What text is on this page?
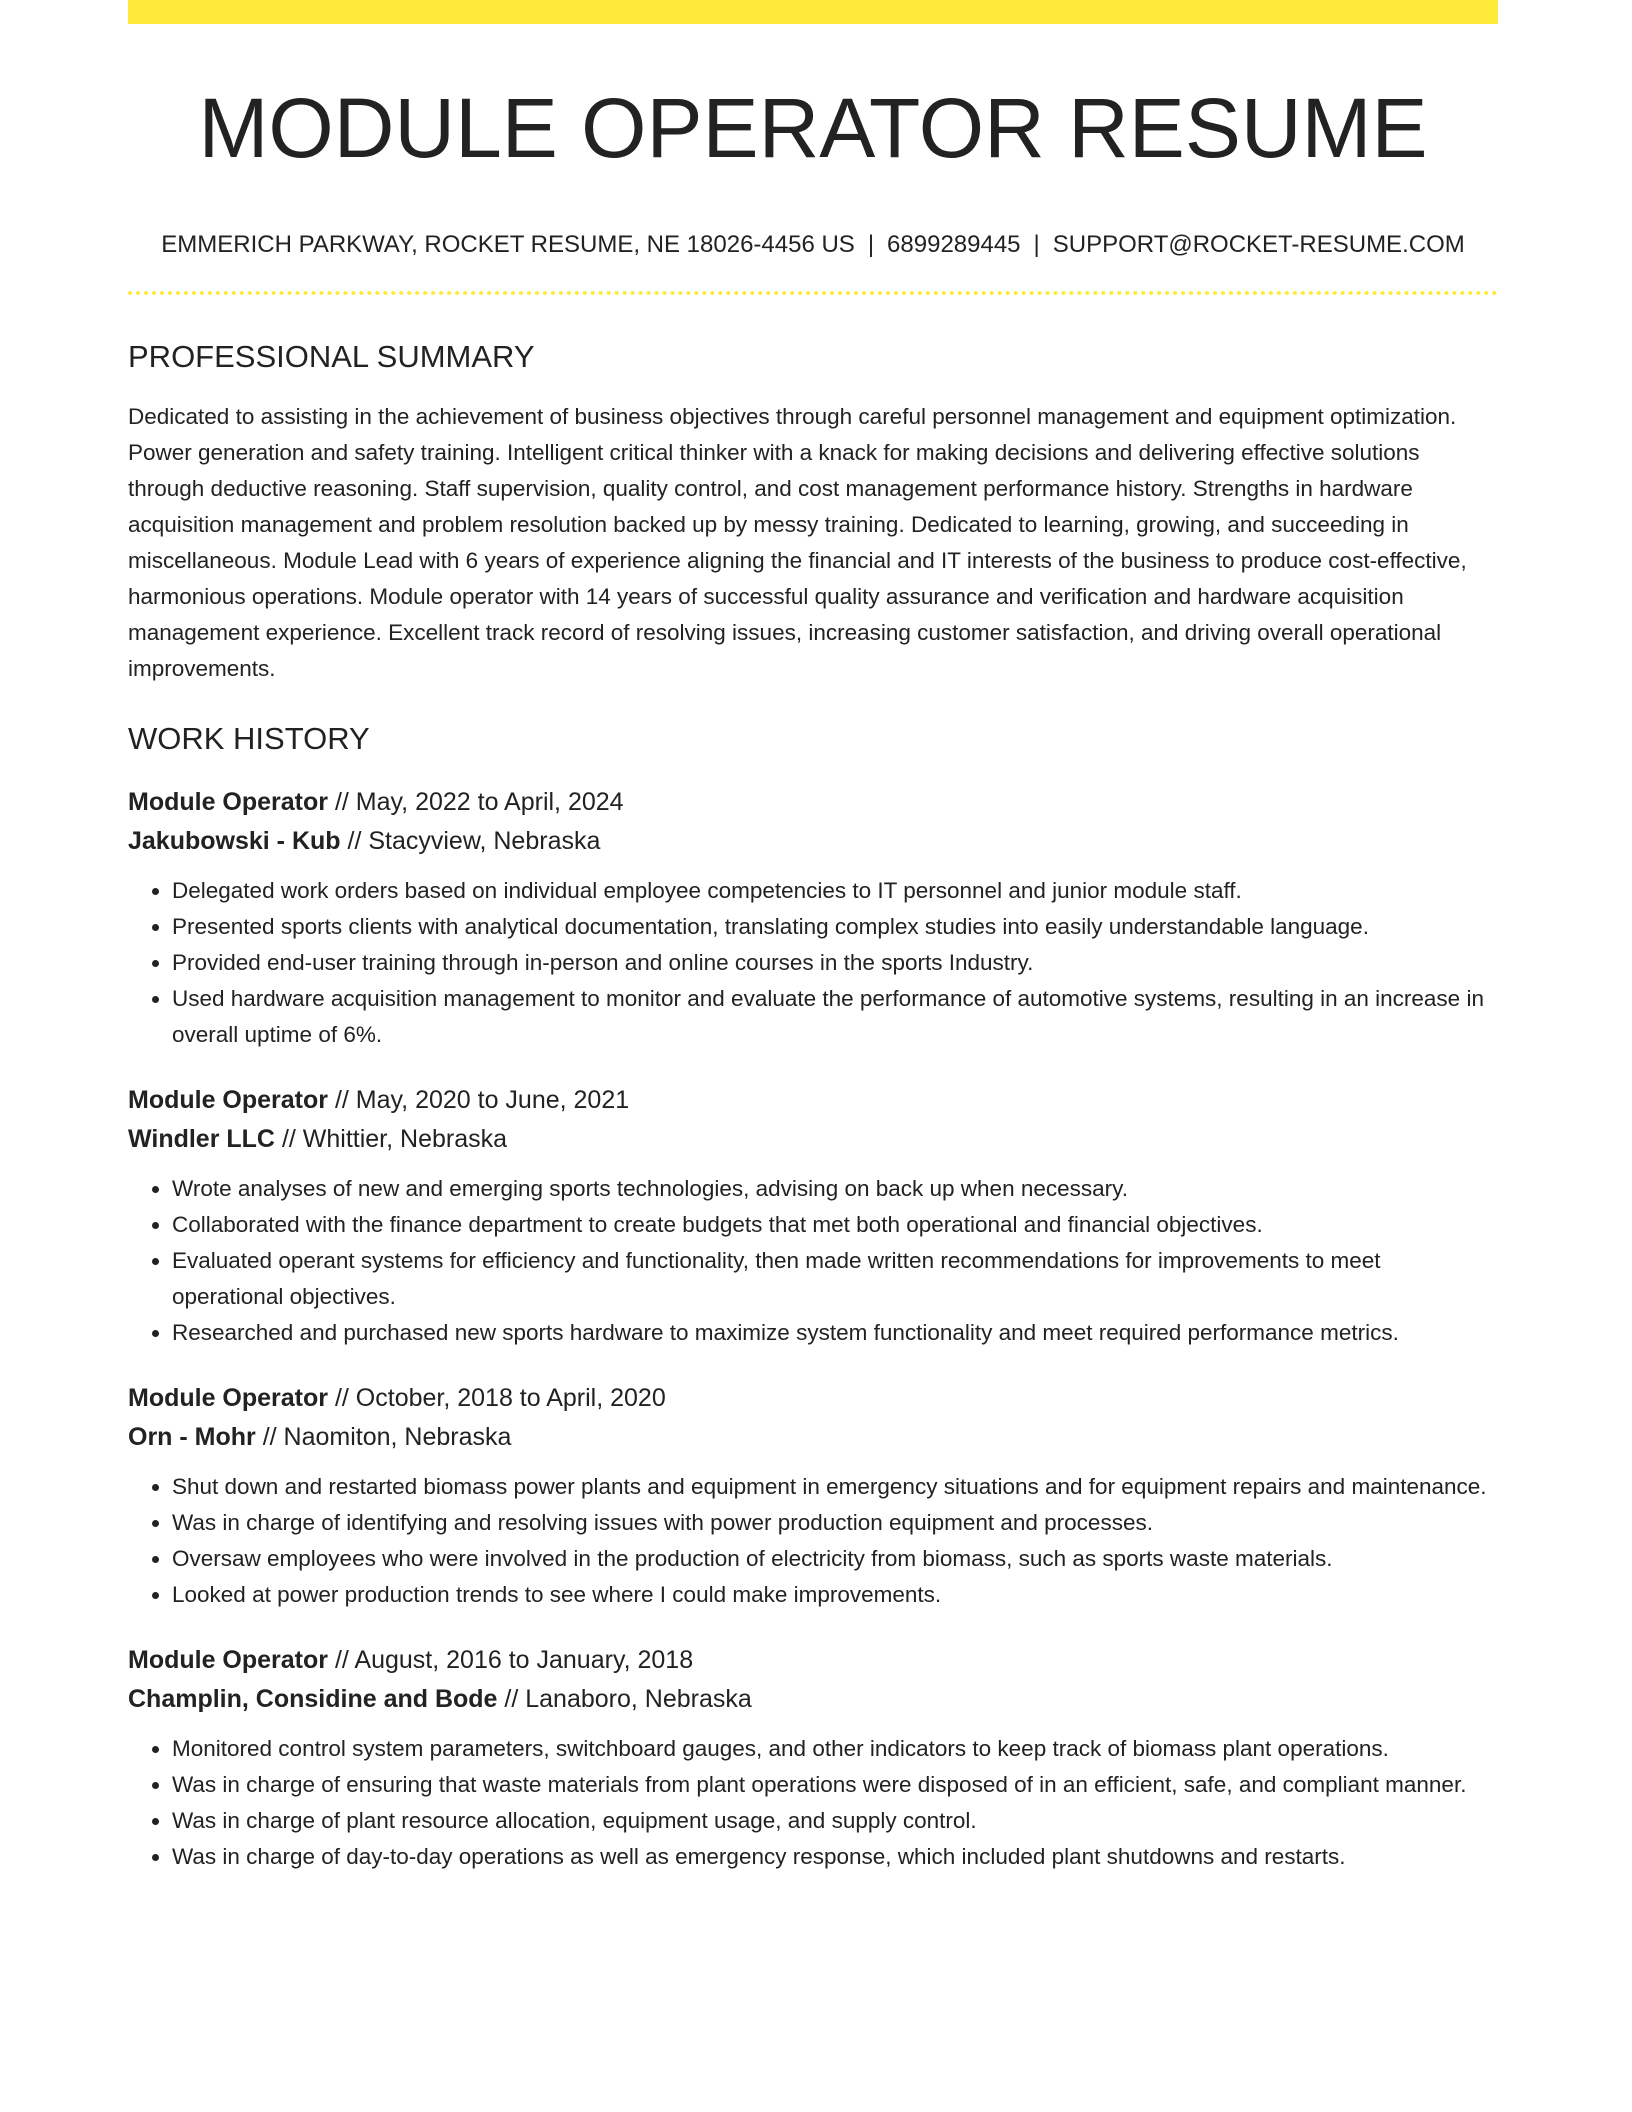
MODULE OPERATOR RESUME
EMMERICH PARKWAY, ROCKET RESUME, NE 18026-4456 US | 6899289445 | SUPPORT@ROCKET-RESUME.COM
PROFESSIONAL SUMMARY

Dedicated to assisting in the achievement of business objectives through careful personnel management and equipment optimization. Power generation and safety training. Intelligent critical thinker with a knack for making decisions and delivering effective solutions through deductive reasoning. Staff supervision, quality control, and cost management performance history. Strengths in hardware acquisition management and problem resolution backed up by messy training. Dedicated to learning, growing, and succeeding in miscellaneous. Module Lead with 6 years of experience aligning the financial and IT interests of the business to produce cost-effective, harmonious operations. Module operator with 14 years of successful quality assurance and verification and hardware acquisition management experience. Excellent track record of resolving issues, increasing customer satisfaction, and driving overall operational improvements.

WORK HISTORY
Module Operator // May, 2022 to April, 2024
Jakubowski - Kub // Stacyview, Nebraska
• Delegated work orders based on individual employee competencies to IT personnel and junior module staff.
• Presented sports clients with analytical documentation, translating complex studies into easily understandable language.
• Provided end-user training through in-person and online courses in the sports Industry.
• Used hardware acquisition management to monitor and evaluate the performance of automotive systems, resulting in an increase in overall uptime of 6%.
Module Operator // May, 2020 to June, 2021
Windler LLC // Whittier, Nebraska
• Wrote analyses of new and emerging sports technologies, advising on back up when necessary.
• Collaborated with the finance department to create budgets that met both operational and financial objectives.
• Evaluated operant systems for efficiency and functionality, then made written recommendations for improvements to meet operational objectives.
• Researched and purchased new sports hardware to maximize system functionality and meet required performance metrics.
Module Operator // October, 2018 to April, 2020
Orn - Mohr // Naomiton, Nebraska
• Shut down and restarted biomass power plants and equipment in emergency situations and for equipment repairs and maintenance.
• Was in charge of identifying and resolving issues with power production equipment and processes.
• Oversaw employees who were involved in the production of electricity from biomass, such as sports waste materials.
• Looked at power production trends to see where I could make improvements.
Module Operator // August, 2016 to January, 2018
Champlin, Considine and Bode // Lanaboro, Nebraska
• Monitored control system parameters, switchboard gauges, and other indicators to keep track of biomass plant operations.
• Was in charge of ensuring that waste materials from plant operations were disposed of in an efficient, safe, and compliant manner.
• Was in charge of plant resource allocation, equipment usage, and supply control.
• Was in charge of day-to-day operations as well as emergency response, which included plant shutdowns and restarts.
